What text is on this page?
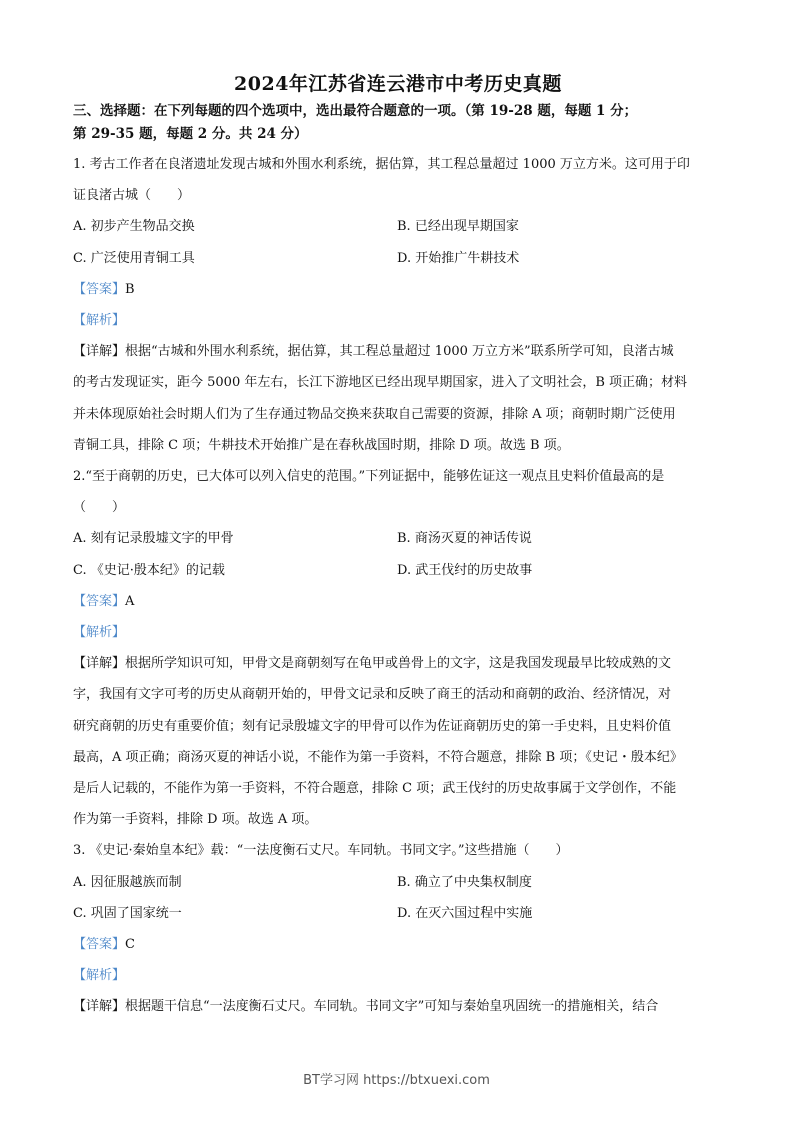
2024年江苏省连云港市中考历史真题
三、选择题：在下列每题的四个选项中，选出最符合题意的一项。（第 19-28 题，每题 1 分；
第 29-35 题，每题 2 分。共 24 分）

1. 考古工作者在良渚遗址发现古城和外围水利系统，据估算，其工程总量超过 1000 万立方米。这可用于印

证良渚古城（　　）

A. 初步产生物品交换	B. 已经出现早期国家
C. 广泛使用青铜工具	D. 开始推广牛耕技术

【答案】B

【解析】

【详解】根据“古城和外围水利系统，据估算，其工程总量超过 1000 万立方米”联系所学可知，良渚古城

的考古发现证实，距今 5000 年左右，长江下游地区已经出现早期国家，进入了文明社会，B 项正确；材料

并未体现原始社会时期人们为了生存通过物品交换来获取自己需要的资源，排除 A 项；商朝时期广泛使用

青铜工具，排除 C 项；牛耕技术开始推广是在春秋战国时期，排除 D 项。故选 B 项。

2.“至于商朝的历史，已大体可以列入信史的范围。”下列证据中，能够佐证这一观点且史料价值最高的是

（　　）

A. 刻有记录殷墟文字的甲骨	B. 商汤灭夏的神话传说
C. 《史记·殷本纪》的记载	D. 武王伐纣的历史故事

【答案】A

【解析】

【详解】根据所学知识可知，甲骨文是商朝刻写在龟甲或兽骨上的文字，这是我国发现最早比较成熟的文

字，我国有文字可考的历史从商朝开始的，甲骨文记录和反映了商王的活动和商朝的政治、经济情况，对

研究商朝的历史有重要价值；刻有记录殷墟文字的甲骨可以作为佐证商朝历史的第一手史料，且史料价值

最高，A 项正确；商汤灭夏的神话小说，不能作为第一手资料，不符合题意，排除 B 项；《史记・殷本纪》

是后人记载的，不能作为第一手资料，不符合题意，排除 C 项；武王伐纣的历史故事属于文学创作，不能

作为第一手资料，排除 D 项。故选 A 项。

3. 《史记·秦始皇本纪》载：“一法度衡石丈尺。车同轨。书同文字。”这些措施（　　）

A. 因征服越族而制	B. 确立了中央集权制度
C. 巩固了国家统一	D. 在灭六国过程中实施

【答案】C

【解析】

【详解】根据题干信息“一法度衡石丈尺。车同轨。书同文字”可知与秦始皇巩固统一的措施相关，结合

BT学习网 https://btxuexi.com
